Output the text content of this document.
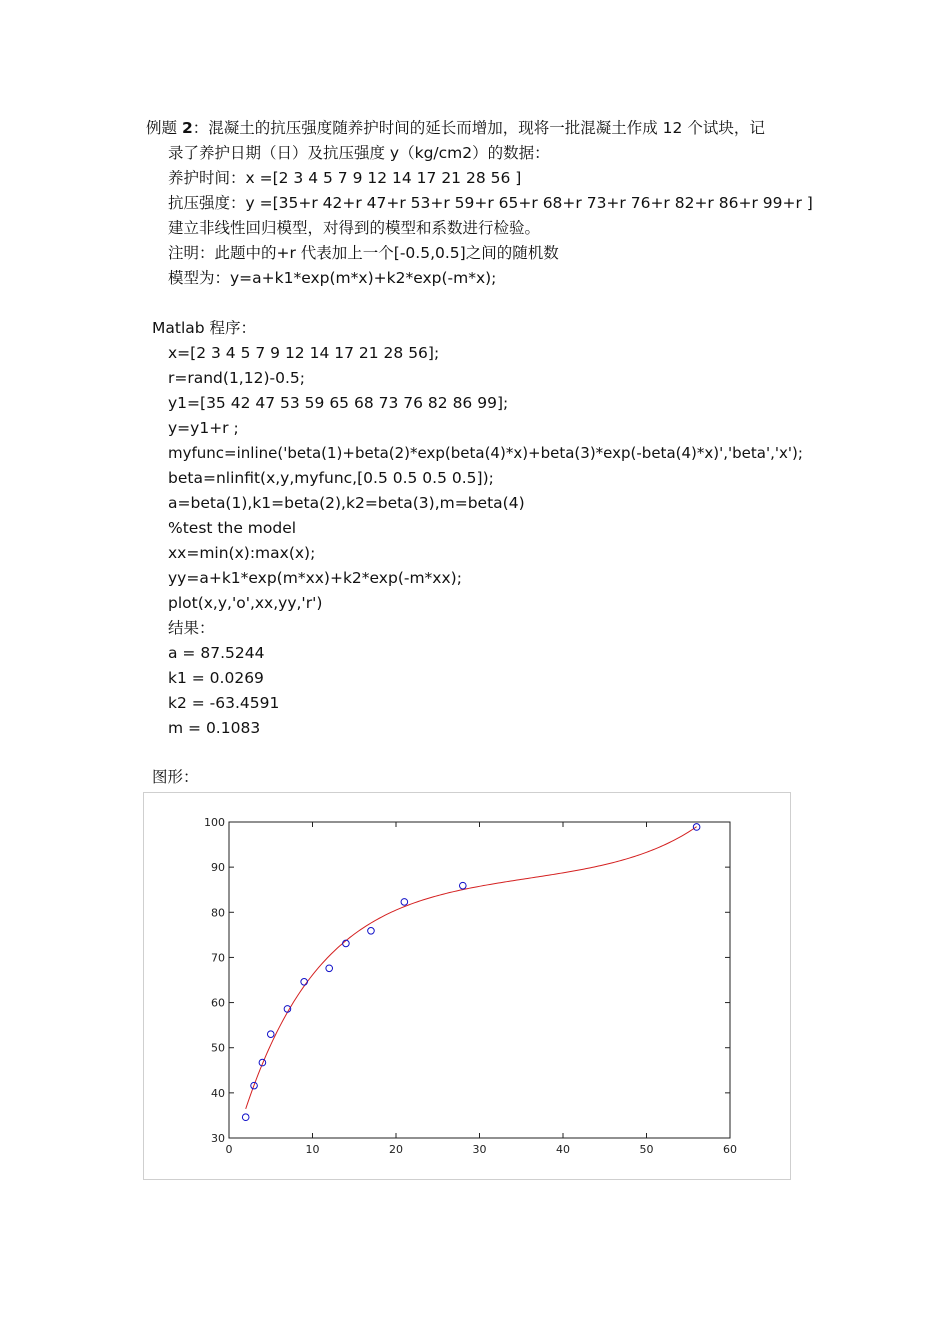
例题 2：混凝土的抗压强度随养护时间的延长而增加，现将一批混凝土作成 12 个试块，记
录了养护日期（日）及抗压强度 y（kg/cm2）的数据：
养护时间：x =[2 3 4 5 7 9 12 14 17 21 28 56 ]
抗压强度：y =[35+r 42+r 47+r 53+r 59+r 65+r 68+r 73+r 76+r 82+r 86+r 99+r ]
建立非线性回归模型，对得到的模型和系数进行检验。
注明：此题中的+r 代表加上一个[-0.5,0.5]之间的随机数
模型为：y=a+k1*exp(m*x)+k2*exp(-m*x);
Matlab 程序：
x=[2 3 4 5 7 9 12 14 17 21 28 56];
r=rand(1,12)-0.5;
y1=[35 42 47 53 59 65 68 73 76 82 86 99];
y=y1+r ;
myfunc=inline('beta(1)+beta(2)*exp(beta(4)*x)+beta(3)*exp(-beta(4)*x)','beta','x');
beta=nlinfit(x,y,myfunc,[0.5 0.5 0.5 0.5]);
a=beta(1),k1=beta(2),k2=beta(3),m=beta(4)
%test the model
xx=min(x):max(x);
yy=a+k1*exp(m*xx)+k2*exp(-m*xx);
plot(x,y,'o',xx,yy,'r')
结果：
a = 87.5244
k1 = 0.0269
k2 = -63.4591
m = 0.1083
图形：
0	10	20	30	40	50	60
30
40
50
60
70
80
90
100
